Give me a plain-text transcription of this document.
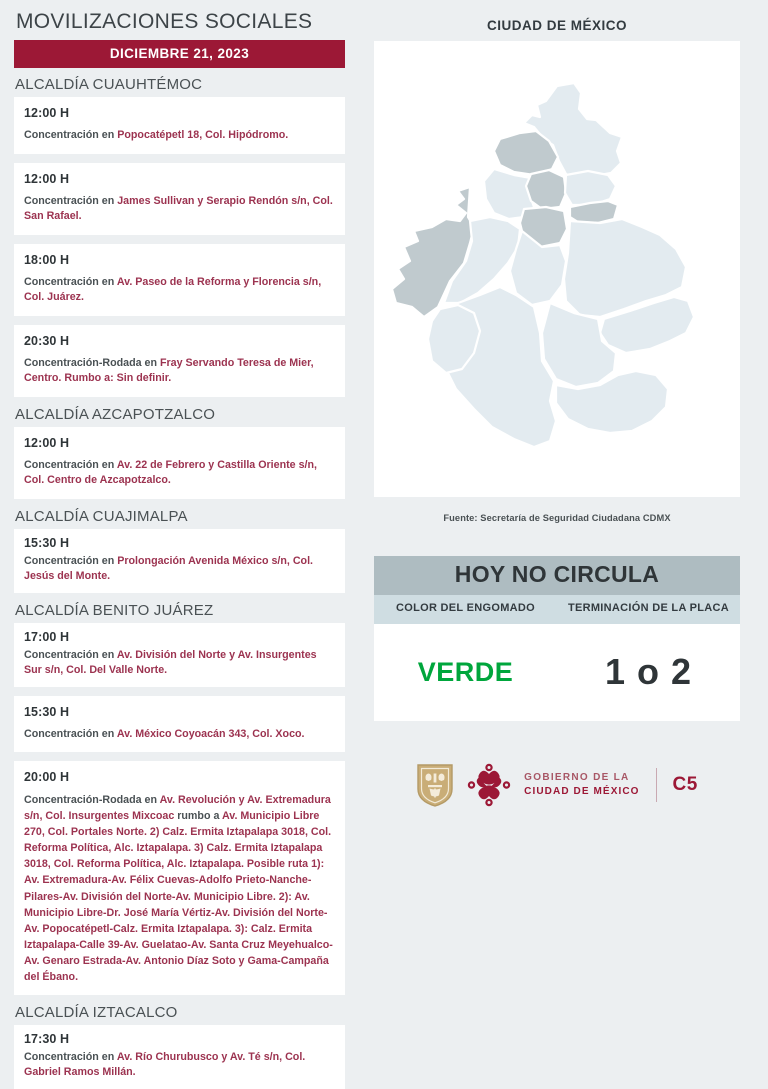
MOVILIZACIONES SOCIALES
DICIEMBRE 21, 2023
ALCALDÍA CUAUHTÉMOC
12:00 H
Concentración en Popocatépetl 18, Col. Hipódromo.
12:00 H
Concentración en James Sullivan y Serapio Rendón s/n, Col. San Rafael.
18:00 H
Concentración en Av. Paseo de la Reforma y Florencia s/n, Col. Juárez.
20:30 H
Concentración-Rodada en Fray Servando Teresa de Mier, Centro. Rumbo a: Sin definir.
ALCALDÍA AZCAPOTZALCO
12:00 H
Concentración en Av. 22 de Febrero y Castilla Oriente s/n, Col. Centro de Azcapotzalco.
ALCALDÍA CUAJIMALPA
15:30 H
Concentración en Prolongación Avenida México s/n, Col. Jesús del Monte.
ALCALDÍA BENITO JUÁREZ
17:00 H
Concentración en Av. División del Norte y Av. Insurgentes Sur s/n, Col. Del Valle Norte.
15:30 H
Concentración en Av. México Coyoacán 343, Col. Xoco.
20:00 H
Concentración-Rodada en Av. Revolución y Av. Extremadura s/n, Col. Insurgentes Mixcoac rumbo a Av. Municipio Libre 270, Col. Portales Norte. 2) Calz. Ermita Iztapalapa 3018, Col. Reforma Política, Alc. Iztapalapa. 3) Calz. Ermita Iztapalapa 3018, Col. Reforma Política, Alc. Iztapalapa. Posible ruta 1): Av. Extremadura-Av. Félix Cuevas-Adolfo Prieto-Nanche-Pilares-Av. División del Norte-Av. Municipio Libre. 2): Av. Municipio Libre-Dr. José María Vértiz-Av. División del Norte-Av. Popocatépetl-Calz. Ermita Iztapalapa. 3): Calz. Ermita Iztapalapa-Calle 39-Av. Guelatao-Av. Santa Cruz Meyehualco-Av. Genaro Estrada-Av. Antonio Díaz Soto y Gama-Campaña del Ébano.
ALCALDÍA IZTACALCO
17:30 H
Concentración en Av. Río Churubusco y Av. Té s/n, Col. Gabriel Ramos Millán.
CIUDAD DE MÉXICO
Fuente: Secretaría de Seguridad Ciudadana CDMX
HOY NO CIRCULA
COLOR DEL ENGOMADO	TERMINACIÓN DE LA PLACA
VERDE	1 o 2
GOBIERNO DE LA
CIUDAD DE MÉXICO C5
